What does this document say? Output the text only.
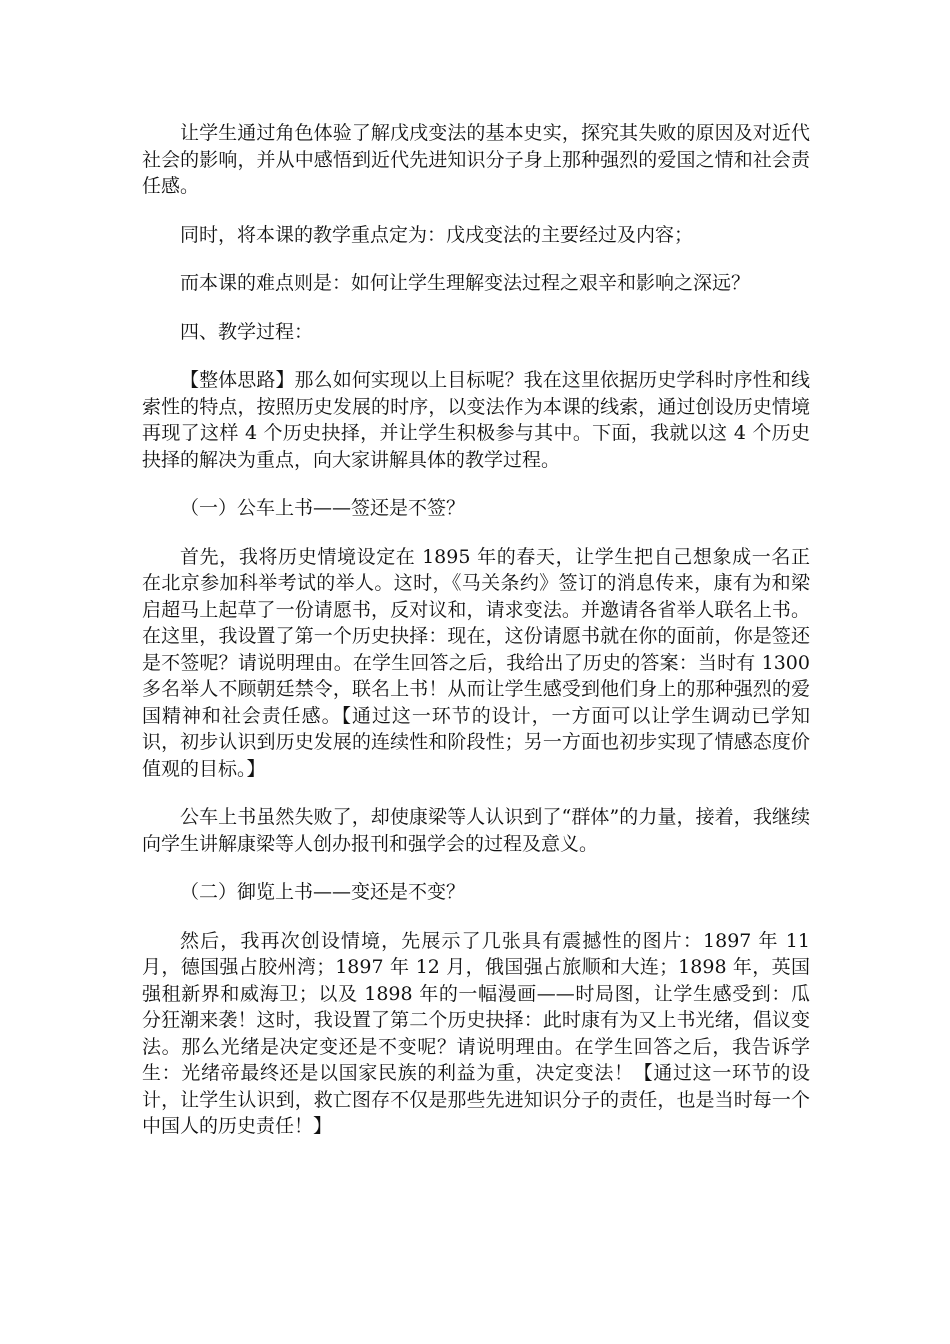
让学生通过角色体验了解戊戌变法的基本史实，探究其失败的原因及对近代社会的影响，并从中感悟到近代先进知识分子身上那种强烈的爱国之情和社会责任感。

同时，将本课的教学重点定为：戊戌变法的主要经过及内容；

而本课的难点则是：如何让学生理解变法过程之艰辛和影响之深远？

四、教学过程：

【整体思路】那么如何实现以上目标呢？我在这里依据历史学科时序性和线索性的特点，按照历史发展的时序，以变法作为本课的线索，通过创设历史情境再现了这样 4 个历史抉择，并让学生积极参与其中。下面，我就以这 4 个历史抉择的解决为重点，向大家讲解具体的教学过程。

（一）公车上书——签还是不签？

首先，我将历史情境设定在 1895 年的春天，让学生把自己想象成一名正在北京参加科举考试的举人。这时，《马关条约》签订的消息传来，康有为和梁启超马上起草了一份请愿书，反对议和，请求变法。并邀请各省举人联名上书。在这里，我设置了第一个历史抉择：现在，这份请愿书就在你的面前，你是签还是不签呢？请说明理由。在学生回答之后，我给出了历史的答案：当时有 1300 多名举人不顾朝廷禁令，联名上书！从而让学生感受到他们身上的那种强烈的爱国精神和社会责任感。【通过这一环节的设计，一方面可以让学生调动已学知识，初步认识到历史发展的连续性和阶段性；另一方面也初步实现了情感态度价值观的目标。】

公车上书虽然失败了，却使康梁等人认识到了“群体”的力量，接着，我继续向学生讲解康梁等人创办报刊和强学会的过程及意义。

（二）御览上书——变还是不变？

然后，我再次创设情境，先展示了几张具有震撼性的图片：1897 年 11 月，德国强占胶州湾；1897 年 12 月，俄国强占旅顺和大连；1898 年，英国强租新界和威海卫；以及 1898 年的一幅漫画——时局图，让学生感受到：瓜分狂潮来袭！这时，我设置了第二个历史抉择：此时康有为又上书光绪，倡议变法。那么光绪是决定变还是不变呢？请说明理由。在学生回答之后，我告诉学生：光绪帝最终还是以国家民族的利益为重，决定变法！【通过这一环节的设计，让学生认识到，救亡图存不仅是那些先进知识分子的责任，也是当时每一个中国人的历史责任！】
